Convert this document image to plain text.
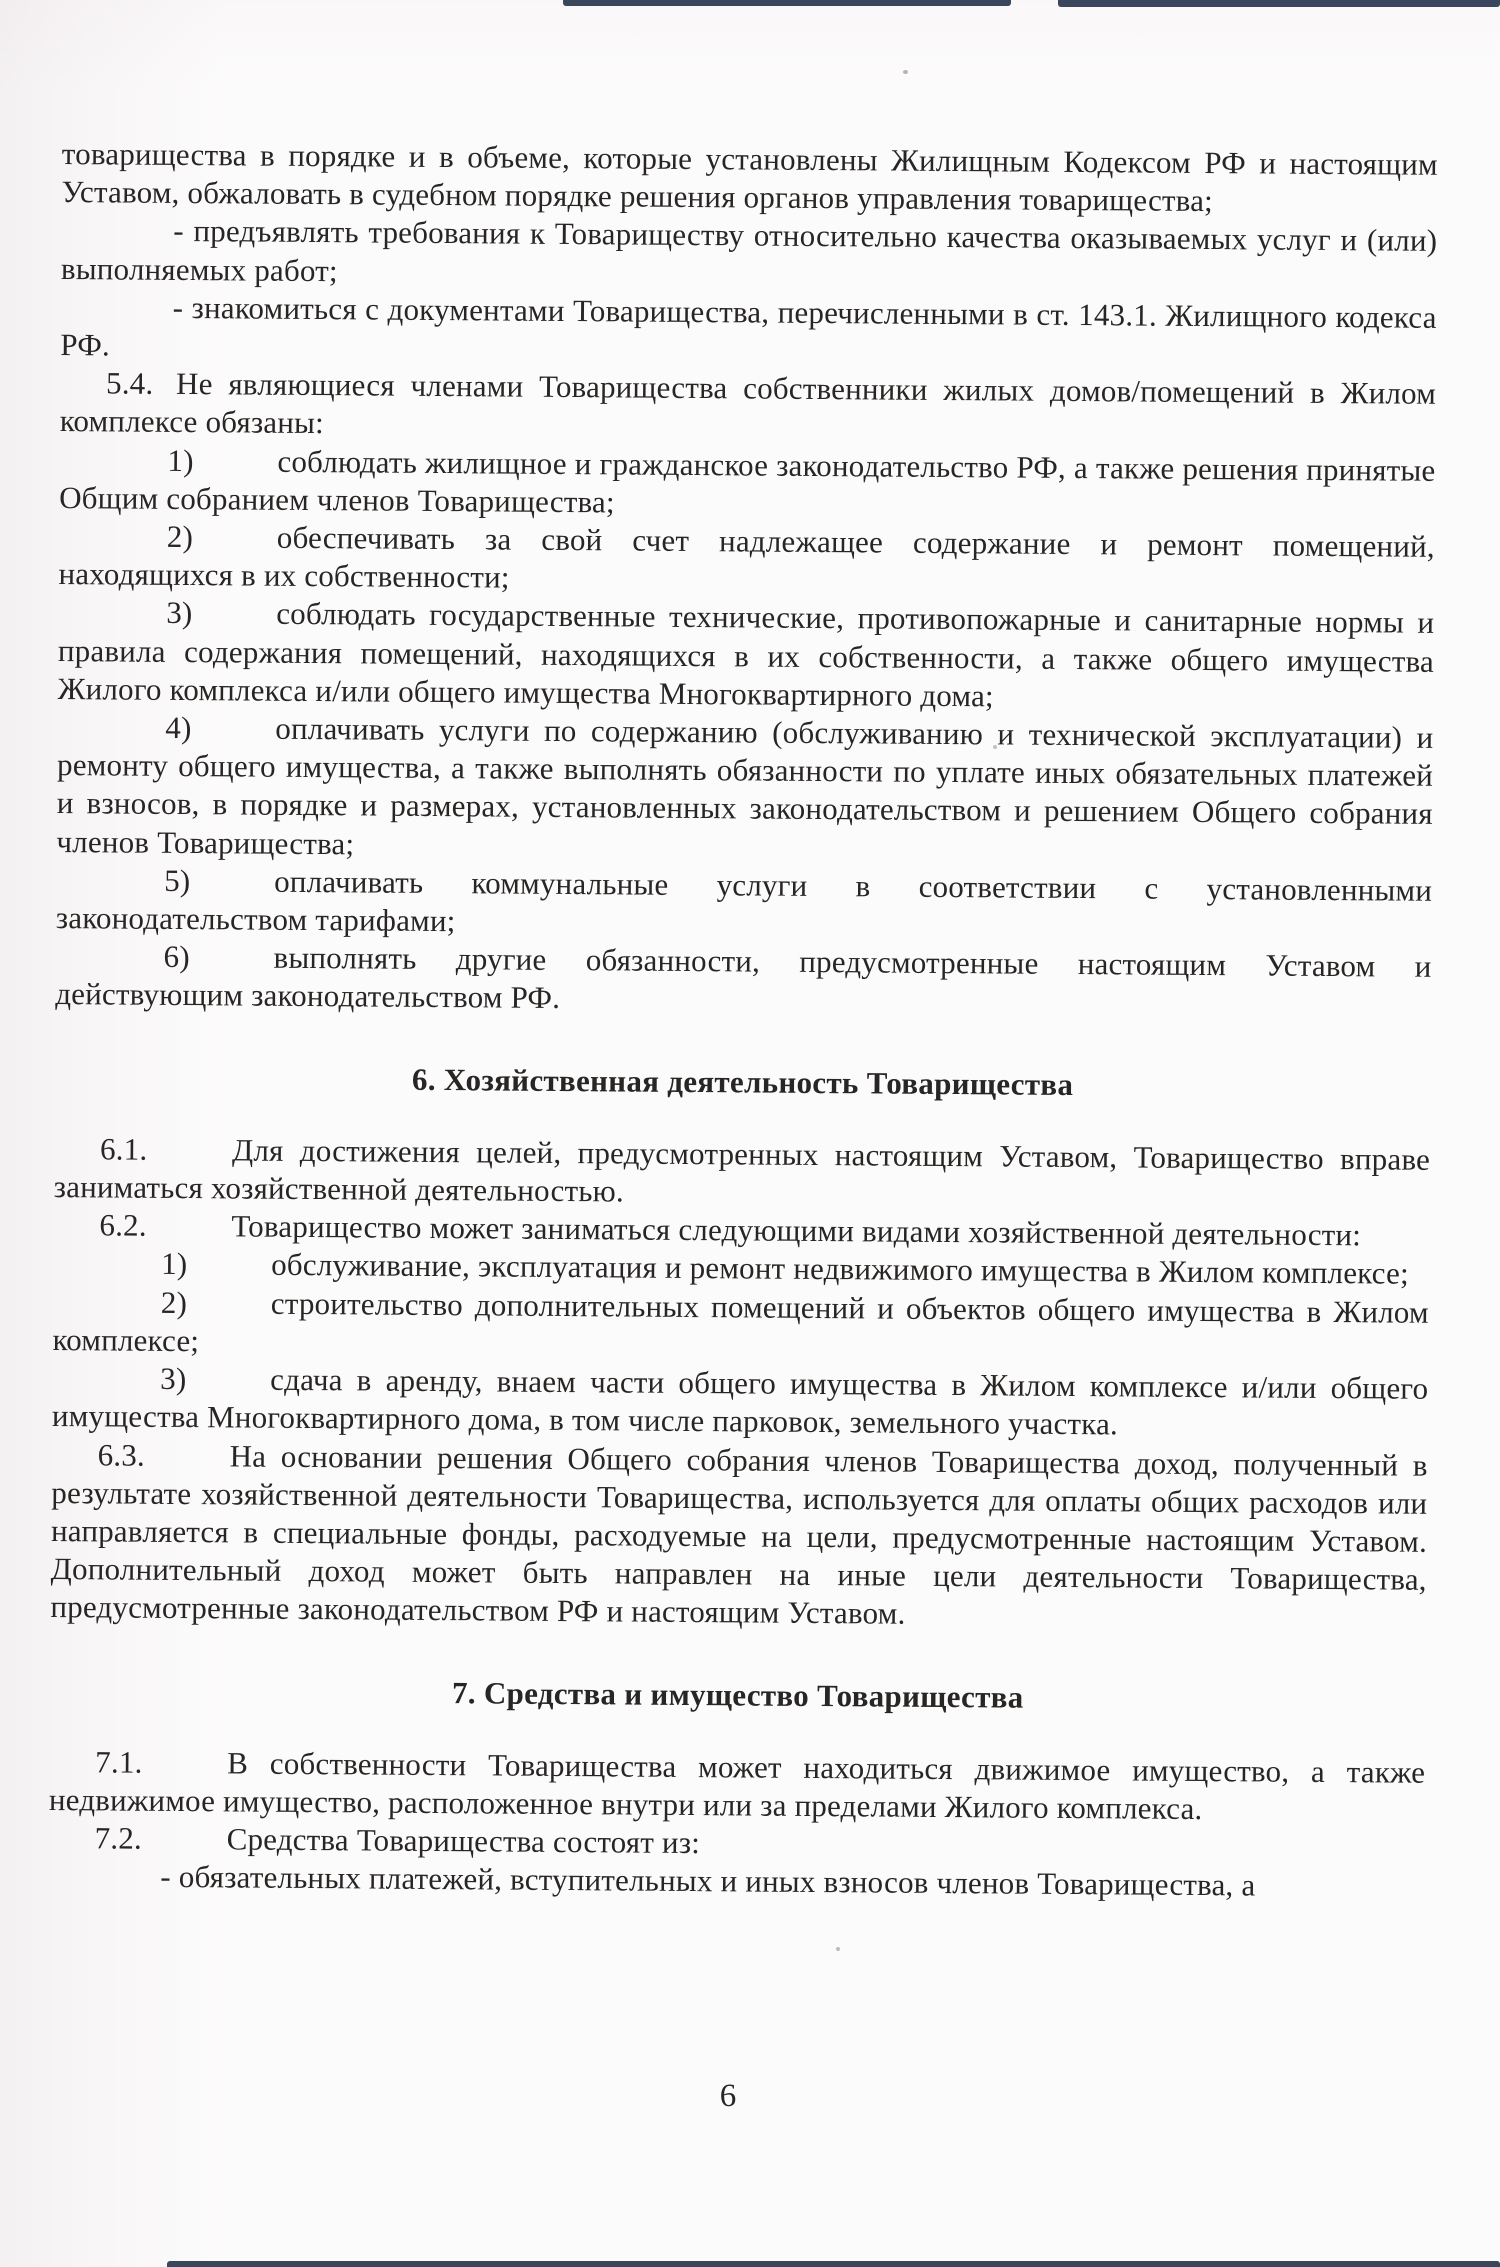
товарищества в порядке и в объеме, которые установлены Жилищным Кодексом РФ и настоящим Уставом, обжаловать в судебном порядке решения органов управления товарищества;

- предъявлять требования к Товариществу относительно качества оказываемых услуг и (или) выполняемых работ;

- знакомиться с документами Товарищества, перечисленными в ст. 143.1. Жилищного кодекса РФ.

5.4. Не являющиеся членами Товарищества собственники жилых домов/помещений в Жилом комплексе обязаны:

1)	соблюдать жилищное и гражданское законодательство РФ, а также решения принятые Общим собранием членов Товарищества;

2)	обеспечивать за свой счет надлежащее содержание и ремонт помещений, находящихся в их собственности;

3)	соблюдать государственные технические, противопожарные и санитарные нормы и правила содержания помещений, находящихся в их собственности, а также общего имущества Жилого комплекса и/или общего имущества Многоквартирного дома;

4)	оплачивать услуги по содержанию (обслуживанию и технической эксплуатации) и ремонту общего имущества, а также выполнять обязанности по уплате иных обязательных платежей и взносов, в порядке и размерах, установленных законодательством и решением Общего собрания членов Товарищества;

5)	оплачивать коммунальные услуги в соответствии с установленными законодательством тарифами;

6)	выполнять другие обязанности, предусмотренные настоящим Уставом и действующим законодательством РФ.

6. Хозяйственная деятельность Товарищества

6.1.	Для достижения целей, предусмотренных настоящим Уставом, Товарищество вправе заниматься хозяйственной деятельностью.

6.2.	Товарищество может заниматься следующими видами хозяйственной деятельности:

1)	обслуживание, эксплуатация и ремонт недвижимого имущества в Жилом комплексе;

2)	строительство дополнительных помещений и объектов общего имущества в Жилом комплексе;

3)	сдача в аренду, внаем части общего имущества в Жилом комплексе и/или общего имущества Многоквартирного дома, в том числе парковок, земельного участка.

6.3.	На основании решения Общего собрания членов Товарищества доход, полученный в результате хозяйственной деятельности Товарищества, используется для оплаты общих расходов или направляется в специальные фонды, расходуемые на цели, предусмотренные настоящим Уставом. Дополнительный доход может быть направлен на иные цели деятельности Товарищества, предусмотренные законодательством РФ и настоящим Уставом.

7. Средства и имущество Товарищества

7.1.	В собственности Товарищества может находиться движимое имущество, а также недвижимое имущество, расположенное внутри или за пределами Жилого комплекса.

7.2.	Средства Товарищества состоят из:

- обязательных платежей, вступительных и иных взносов членов Товарищества, а

6
